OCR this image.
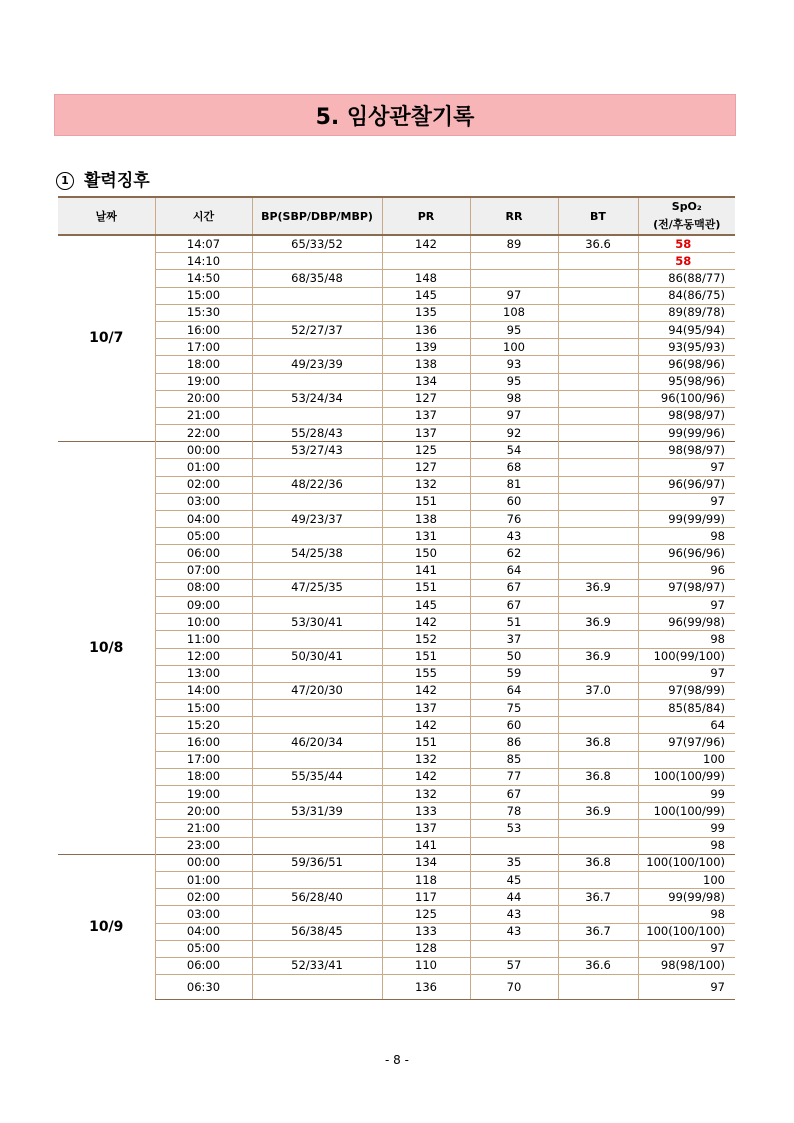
5. 임상관찰기록
1 활력징후
날짜	시간	BP(SBP/DBP/MBP)	PR	RR	BT	SpO₂
(전/후동맥관)

10/7	14:07	65/33/52	142	89	36.6	58
	14:10					58
	14:50	68/35/48	148			86(88/77)
	15:00		145	97		84(86/75)
	15:30		135	108		89(89/78)
	16:00	52/27/37	136	95		94(95/94)
	17:00		139	100		93(95/93)
	18:00	49/23/39	138	93		96(98/96)
	19:00		134	95		95(98/96)
	20:00	53/24/34	127	98		96(100/96)
	21:00		137	97		98(98/97)
	22:00	55/28/43	137	92		99(99/96)
10/8	00:00	53/27/43	125	54		98(98/97)
	01:00		127	68		97
	02:00	48/22/36	132	81		96(96/97)
	03:00		151	60		97
	04:00	49/23/37	138	76		99(99/99)
	05:00		131	43		98
	06:00	54/25/38	150	62		96(96/96)
	07:00		141	64		96
	08:00	47/25/35	151	67	36.9	97(98/97)
	09:00		145	67		97
	10:00	53/30/41	142	51	36.9	96(99/98)
	11:00		152	37		98
	12:00	50/30/41	151	50	36.9	100(99/100)
	13:00		155	59		97
	14:00	47/20/30	142	64	37.0	97(98/99)
	15:00		137	75		85(85/84)
	15:20		142	60		64
	16:00	46/20/34	151	86	36.8	97(97/96)
	17:00		132	85		100
	18:00	55/35/44	142	77	36.8	100(100/99)
	19:00		132	67		99
	20:00	53/31/39	133	78	36.9	100(100/99)
	21:00		137	53		99
	23:00		141			98
10/9	00:00	59/36/51	134	35	36.8	100(100/100)
	01:00		118	45		100
	02:00	56/28/40	117	44	36.7	99(99/98)
	03:00		125	43		98
	04:00	56/38/45	133	43	36.7	100(100/100)
	05:00		128			97
	06:00	52/33/41	110	57	36.6	98(98/100)
	06:30		136	70		97
- 8 -
